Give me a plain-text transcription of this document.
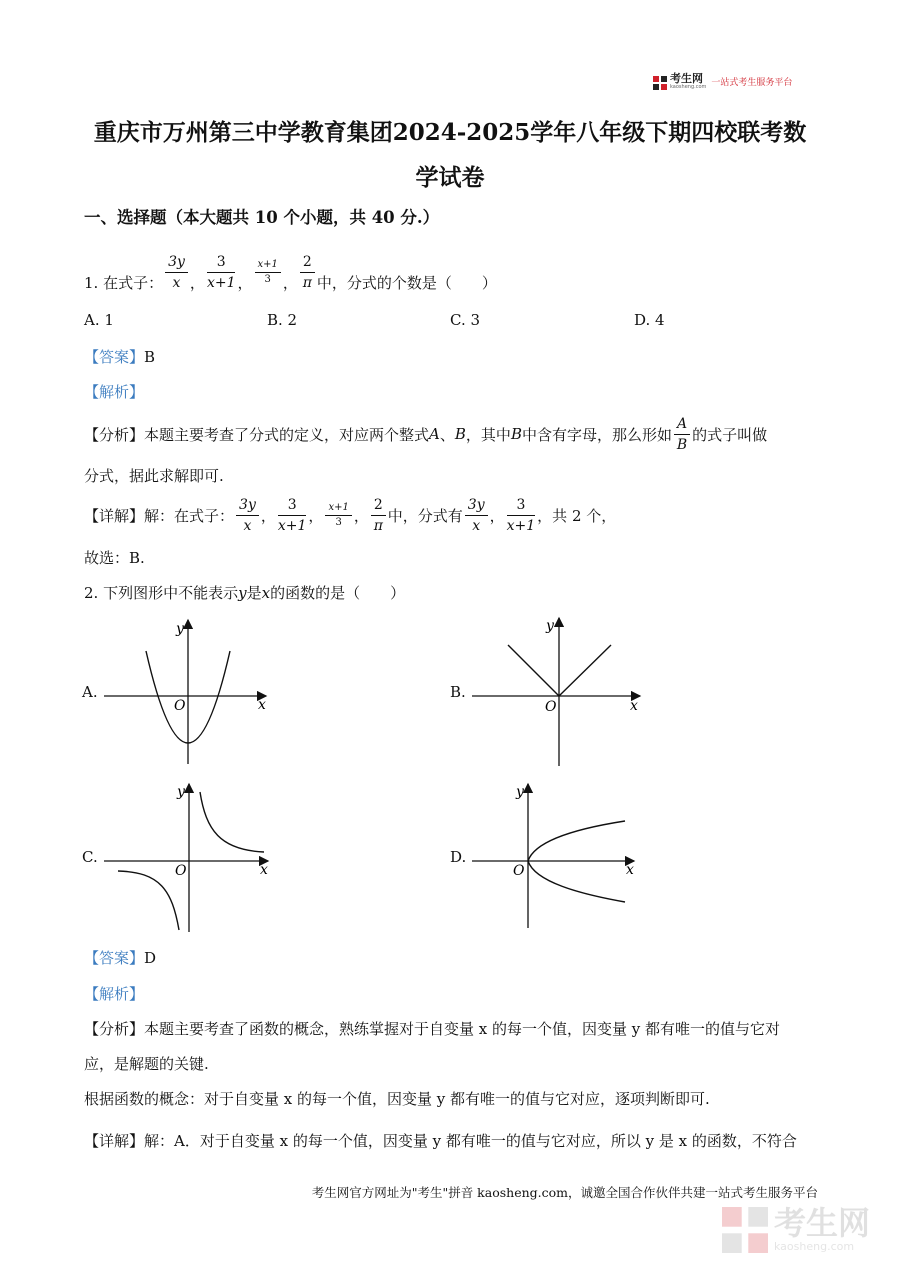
考生网
kaosheng.com 一站式考生服务平台
重庆市万州第三中学教育集团2024-2025学年八年级下期四校联考数
学试卷
一、选择题（本大题共 10 个小题，共 40 分.）
1. 在式子： $\frac{3y}{x}$ ， $\frac{3}{x+1}$ ， $\frac{x+1}{3}$ ， $\frac{2}{\pi}$ 中，分式的个数是（　　）
A. 1	B. 2	C. 3	D. 4
【答案】B
【解析】
【分析】 本题主要考查了分式的定义，对应两个整式 A 、 B ，其中 B 中含有字母，那么形如 $\frac{A}{B}$ 的式子叫做
分式，据此求解即可.
【详解】 解：在式子： $\frac{3y}{x}$ ， $\frac{3}{x+1}$ ， $\frac{x+1}{3}$ ， $\frac{2}{\pi}$ 中，分式有 $\frac{3y}{x}$ ， $\frac{3}{x+1}$ ，共 2 个，
故选：B.
2. 下列图形中不能表示y是x的函数的是（　　）
A.	B.
C.	D.
y
x
O
y
x
O
y
x
O
y
x
O
【答案】D
【解析】
【分析】本题主要考查了函数的概念，熟练掌握对于自变量 x 的每一个值，因变量 y 都有唯一的值与它对
应，是解题的关键.
根据函数的概念：对于自变量 x 的每一个值，因变量 y 都有唯一的值与它对应，逐项判断即可.
【详解】解：A．对于自变量 x 的每一个值，因变量 y 都有唯一的值与它对应，所以 y 是 x 的函数，不符合
考生网官方网址为"考生"拼音 kaosheng.com，诚邀全国合作伙伴共建一站式考生服务平台
考生网
kaosheng.com
